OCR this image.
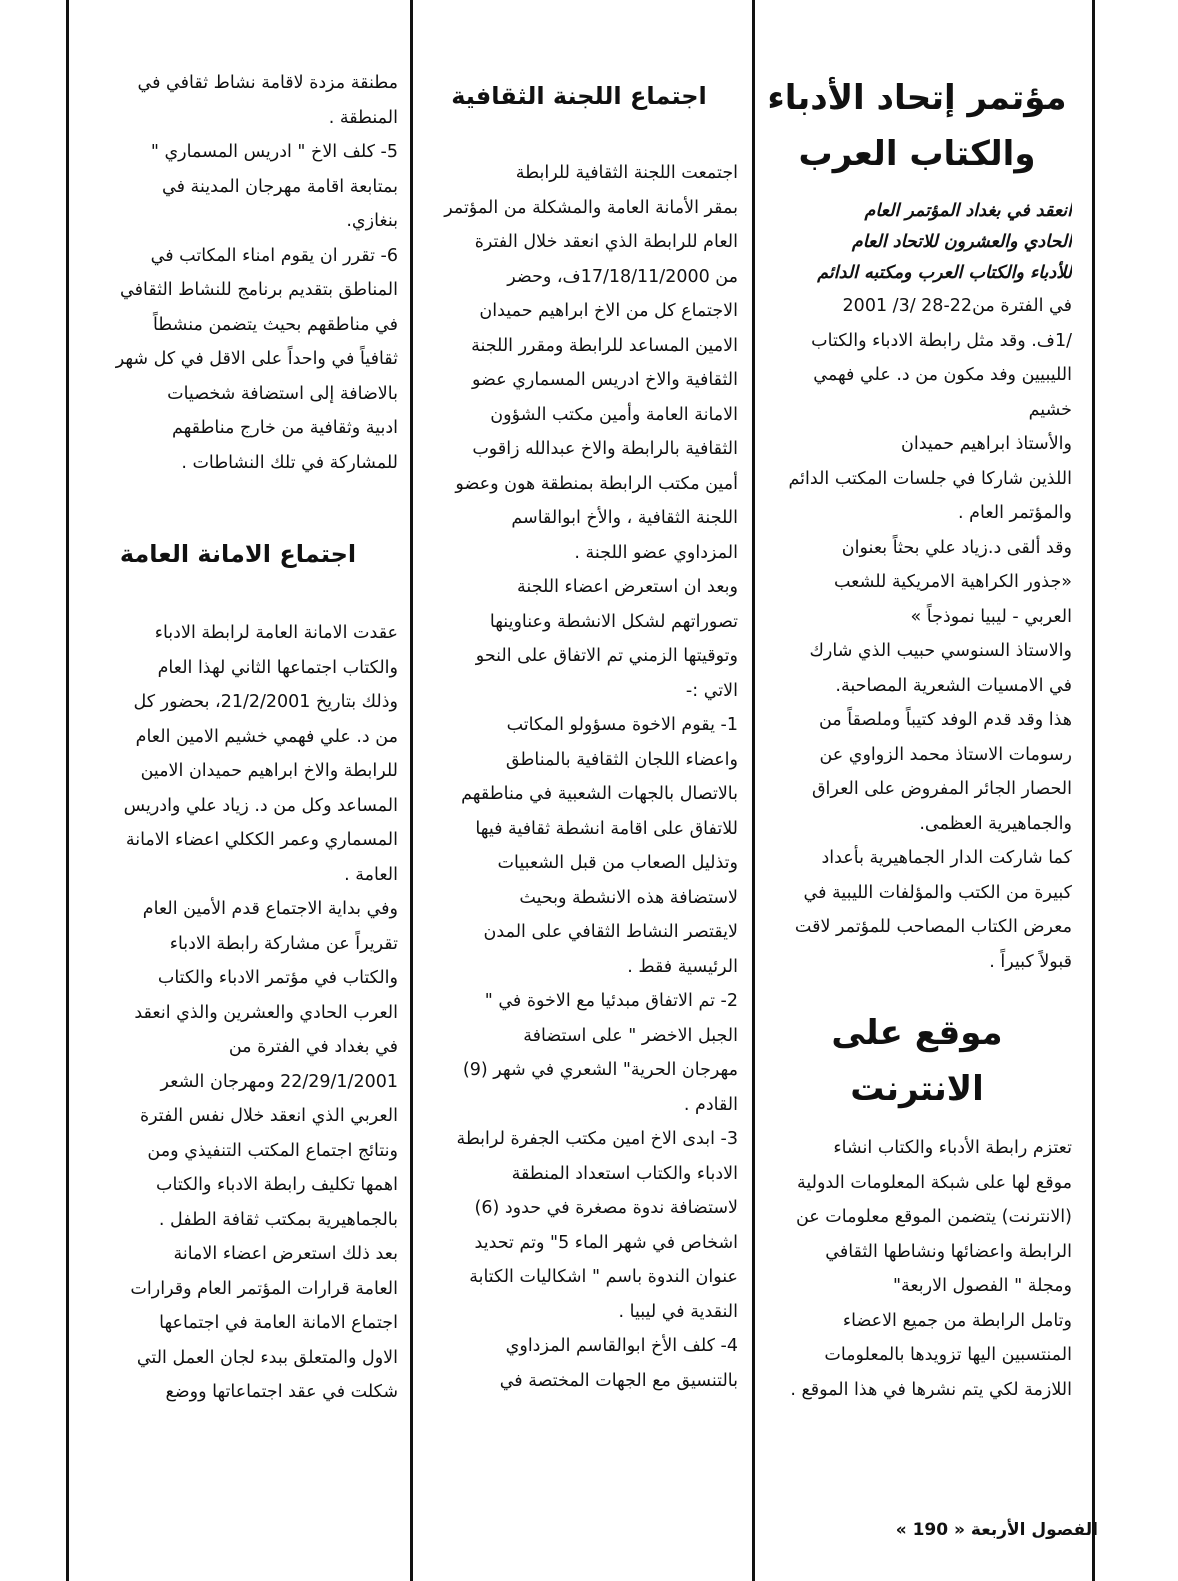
مؤتمر إتحاد الأدباء
والكتاب العرب
انعقد في بغداد المؤتمر العام
الحادي والعشرون للاتحاد العام
للأدباء والكتاب العرب ومكتبه الدائم
في الفترة من22-28 /3/ 2001
/1ف. وقد مثل رابطة الادباء والكتاب
الليبيين وفد مكون من د. علي فهمي
خشيم
والأستاذ ابراهيم حميدان
اللذين شاركا في جلسات المكتب الدائم
والمؤتمر العام .
وقد ألقى د.زياد علي بحثاً بعنوان
«جذور الكراهية الامريكية للشعب
العربي - ليبيا نموذجاً »
والاستاذ السنوسي حبيب الذي شارك
في الامسيات الشعرية المصاحبة.
هذا وقد قدم الوفد كتيباً وملصقاً من
رسومات الاستاذ محمد الزواوي عن
الحصار الجائر المفروض على العراق
والجماهيرية العظمى.
كما شاركت الدار الجماهيرية بأعداد
كبيرة من الكتب والمؤلفات الليبية في
معرض الكتاب المصاحب للمؤتمر لاقت
قبولاً كبيراً .
موقع على الانترنت
تعتزم رابطة الأدباء والكتاب انشاء
موقع لها على شبكة المعلومات الدولية
(الانترنت) يتضمن الموقع معلومات عن
الرابطة واعضائها ونشاطها الثقافي
ومجلة " الفصول الاربعة"
وتامل الرابطة من جميع الاعضاء
المنتسبين اليها تزويدها بالمعلومات
اللازمة لكي يتم نشرها في هذا الموقع .
اجتماع اللجنة الثقافية
اجتمعت اللجنة الثقافية للرابطة
بمقر الأمانة العامة والمشكلة من المؤتمر
العام للرابطة الذي انعقد خلال الفترة
من 17/18/11/2000ف، وحضر
الاجتماع كل من الاخ ابراهيم حميدان
الامين المساعد للرابطة ومقرر اللجنة
الثقافية والاخ ادريس المسماري عضو
الامانة العامة وأمين مكتب الشؤون
الثقافية بالرابطة والاخ عبدالله زاقوب
أمين مكتب الرابطة بمنطقة هون وعضو
اللجنة الثقافية ، والأخ ابوالقاسم
المزداوي عضو اللجنة .
وبعد ان استعرض اعضاء اللجنة
تصوراتهم لشكل الانشطة وعناوينها
وتوقيتها الزمني تم الاتفاق على النحو
الاتي :-
1- يقوم الاخوة مسؤولو المكاتب
واعضاء اللجان الثقافية بالمناطق
بالاتصال بالجهات الشعبية في مناطقهم
للاتفاق على اقامة انشطة ثقافية فيها
وتذليل الصعاب من قبل الشعبيات
لاستضافة هذه الانشطة وبحيث
لايقتصر النشاط الثقافي على المدن
الرئيسية فقط .
2- تم الاتفاق مبدئيا مع الاخوة في "
الجبل الاخضر " على استضافة
مهرجان الحرية" الشعري في شهر (9)
القادم .
3- ابدى الاخ امين مكتب الجفرة لرابطة
الادباء والكتاب استعداد المنطقة
لاستضافة ندوة مصغرة في حدود (6)
اشخاص في شهر الماء 5" وتم تحديد
عنوان الندوة باسم " اشكاليات الكتابة
النقدية في ليبيا .
4- كلف الأخ ابوالقاسم المزداوي
بالتنسيق مع الجهات المختصة في
مطنقة مزدة لاقامة نشاط ثقافي في
المنطقة .
5- كلف الاخ " ادريس المسماري "
بمتابعة اقامة مهرجان المدينة في
بنغازي.
6- تقرر ان يقوم امناء المكاتب في
المناطق بتقديم برنامج للنشاط الثقافي
في مناطقهم بحيث يتضمن منشطاً
ثقافياً في واحداً على الاقل في كل شهر
بالاضافة إلى استضافة شخصيات
ادبية وثقافية من خارج مناطقهم
للمشاركة في تلك النشاطات .
اجتماع الامانة العامة
عقدت الامانة العامة لرابطة الادباء
والكتاب اجتماعها الثاني لهذا العام
وذلك بتاريخ 21/2/2001، بحضور كل
من د. علي فهمي خشيم الامين العام
للرابطة والاخ ابراهيم حميدان الامين
المساعد وكل من د. زياد علي وادريس
المسماري وعمر الككلي اعضاء الامانة
العامة .
وفي بداية الاجتماع قدم الأمين العام
تقريراً عن مشاركة رابطة الادباء
والكتاب في مؤتمر الادباء والكتاب
العرب الحادي والعشرين والذي انعقد
في بغداد في الفترة من
22/29/1/2001 ومهرجان الشعر
العربي الذي انعقد خلال نفس الفترة
ونتائج اجتماع المكتب التنفيذي ومن
اهمها تكليف رابطة الادباء والكتاب
بالجماهيرية بمكتب ثقافة الطفل .
بعد ذلك استعرض اعضاء الامانة
العامة قرارات المؤتمر العام وقرارات
اجتماع الامانة العامة في اجتماعها
الاول والمتعلق ببدء لجان العمل التي
شكلت في عقد اجتماعاتها ووضع
الفصول الأربعة « 190 »
